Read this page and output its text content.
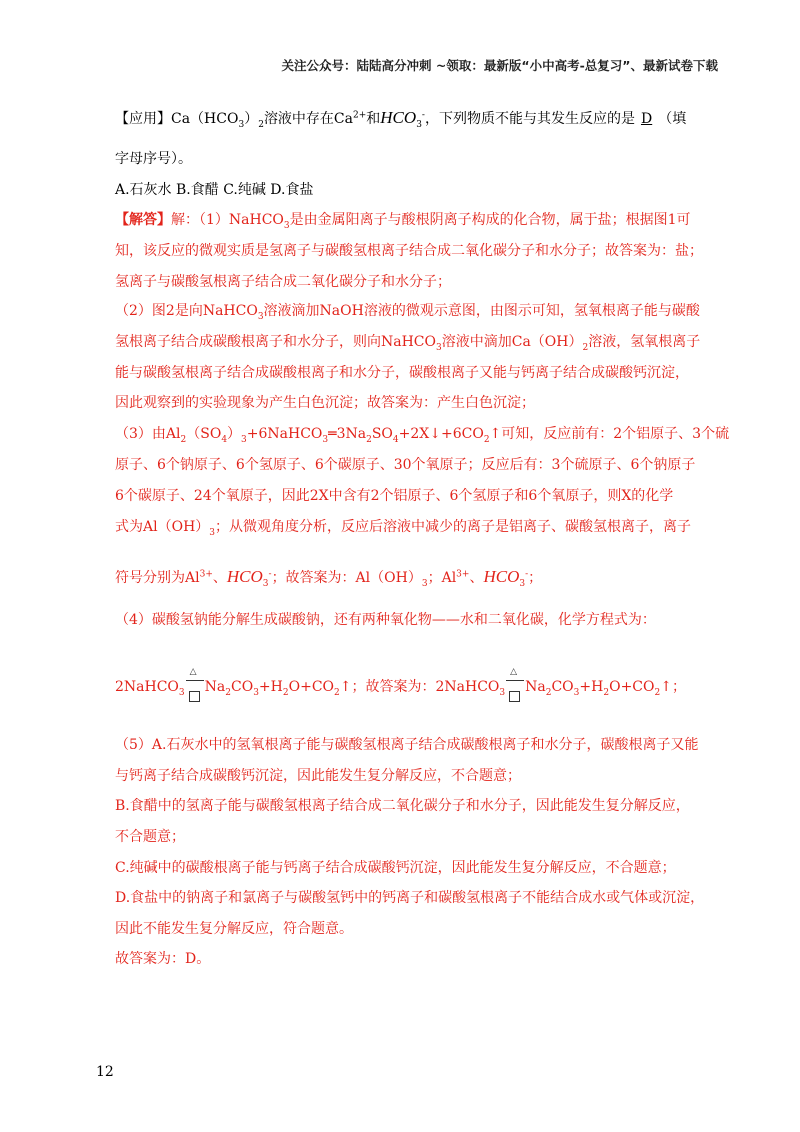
关注公众号：陆陆高分冲刺 ~领取：最新版“小中高考-总复习”、最新试卷下载
【应用】$Ca(HCO_3)_2$溶液中存在$Ca^{2+}$和$HCO_3^-$，下列物质不能与其发生反应的是 D （填
字母序号）。
A.石灰水 B.食醋 C.纯碱 D.食盐
【解答】解：（1）NaHCO$_3$是由金属阳离子与酸根阴离子构成的化合物，属于盐；根据图1可
知，该反应的微观实质是氢离子与碳酸氢根离子结合成二氧化碳分子和水分子；故答案为：盐；
氢离子与碳酸氢根离子结合成二氧化碳分子和水分子；
（2）图2是向NaHCO$_3$溶液滴加NaOH溶液的微观示意图，由图示可知，氢氧根离子能与碳酸
氢根离子结合成碳酸根离子和水分子，则向NaHCO$_3$溶液中滴加$Ca(OH)_2$溶液，氢氧根离子
能与碳酸氢根离子结合成碳酸根离子和水分子，碳酸根离子又能与钙离子结合成碳酸钙沉淀，
因此观察到的实验现象为产生白色沉淀；故答案为：产生白色沉淀；
（3）由$Al_2(SO_4)_3+6NaHCO_3═3Na_2SO_4+2X↓+6CO_2↑$可知，反应前有：2个铝原子、3个硫
原子、6个钠原子、6个氢原子、6个碳原子、30个氧原子；反应后有：3个硫原子、6个钠原子
6个碳原子、24个氧原子，因此2X中含有2个铝原子、6个氢原子和6个氧原子，则X的化学
式为$Al(OH)_3$；从微观角度分析，反应后溶液中减少的离子是铝离子、碳酸氢根离子，离子
符号分别为$Al^{3+}$、$HCO_3^-$；故答案为：$Al(OH)_3$；$Al^{3+}$、$HCO_3^-$；
（4）碳酸氢钠能分解生成碳酸钠，还有两种氧化物——水和二氧化碳，化学方程式为：
2NaHCO$_3$
△
$Na_2CO_3+H_2O+CO_2↑$；故答案为：2NaHCO$_3$
△
$Na_2CO_3+H_2O+CO_2↑$；
（5）A.石灰水中的氢氧根离子能与碳酸氢根离子结合成碳酸根离子和水分子，碳酸根离子又能
与钙离子结合成碳酸钙沉淀，因此能发生复分解反应，不合题意；
B.食醋中的氢离子能与碳酸氢根离子结合成二氧化碳分子和水分子，因此能发生复分解反应，
不合题意；
C.纯碱中的碳酸根离子能与钙离子结合成碳酸钙沉淀，因此能发生复分解反应，不合题意；
D.食盐中的钠离子和氯离子与碳酸氢钙中的钙离子和碳酸氢根离子不能结合成水或气体或沉淀，
因此不能发生复分解反应，符合题意。
故答案为：D。
12
